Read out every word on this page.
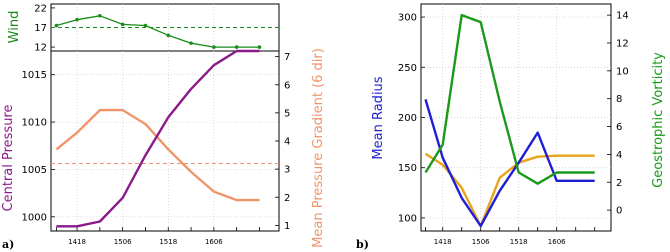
12
17
22
Wind
1000
1005
1010
1015
1
2
3
4
5
6
7
1418	1506	1518	1606
Central Pressure	Mean Pressure Gradient (6 dir)
a)
100
150
200
250
300
0
2
4
6
8
10
12
14
1418	1506	1518	1606
Mean Radius	Geostrophic Vorticity
b)
